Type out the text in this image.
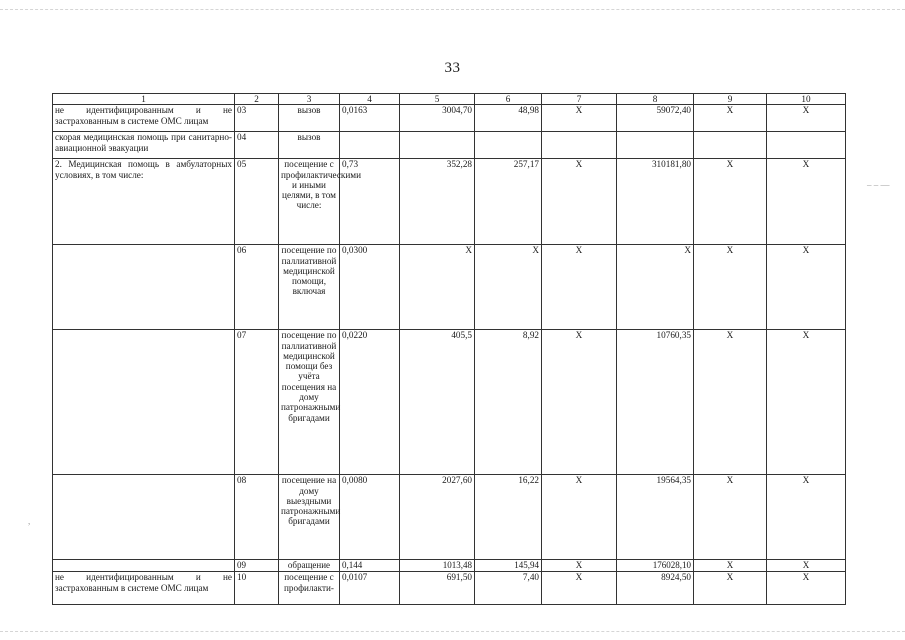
– – ––
,
33
1	2	3	4	5	6	7	8	9	10
не идентифицированным и не застрахованным в системе ОМС лицам	03	вызов	0,0163	3004,70	48,98	X	59072,40	X	X
скорая медицинская помощь при санитарно-авиационной эвакуации	04	вызов							
2. Медицинская помощь в амбулаторных условиях, в том числе:	05	посещение с профилактическими и иными целями, в том числе:	0,73	352,28	257,17	X	310181,80	X	X
	06	посещение по паллиативной медицинской помощи, включая	0,0300	X	X	X	X	X	X
	07	посещение по паллиативной медицинской помощи без учёта посещения на дому патронажными бригадами	0,0220	405,5	8,92	X	10760,35	X	X
	08	посещение на дому выездными патронажными бригадами	0,0080	2027,60	16,22	X	19564,35	X	X
	09	обращение	0,144	1013,48	145,94	X	176028,10	X	X
не идентифицированным и не застрахованным в системе ОМС лицам	10	посещение с профилакти-	0,0107	691,50	7,40	X	8924,50	X	X
